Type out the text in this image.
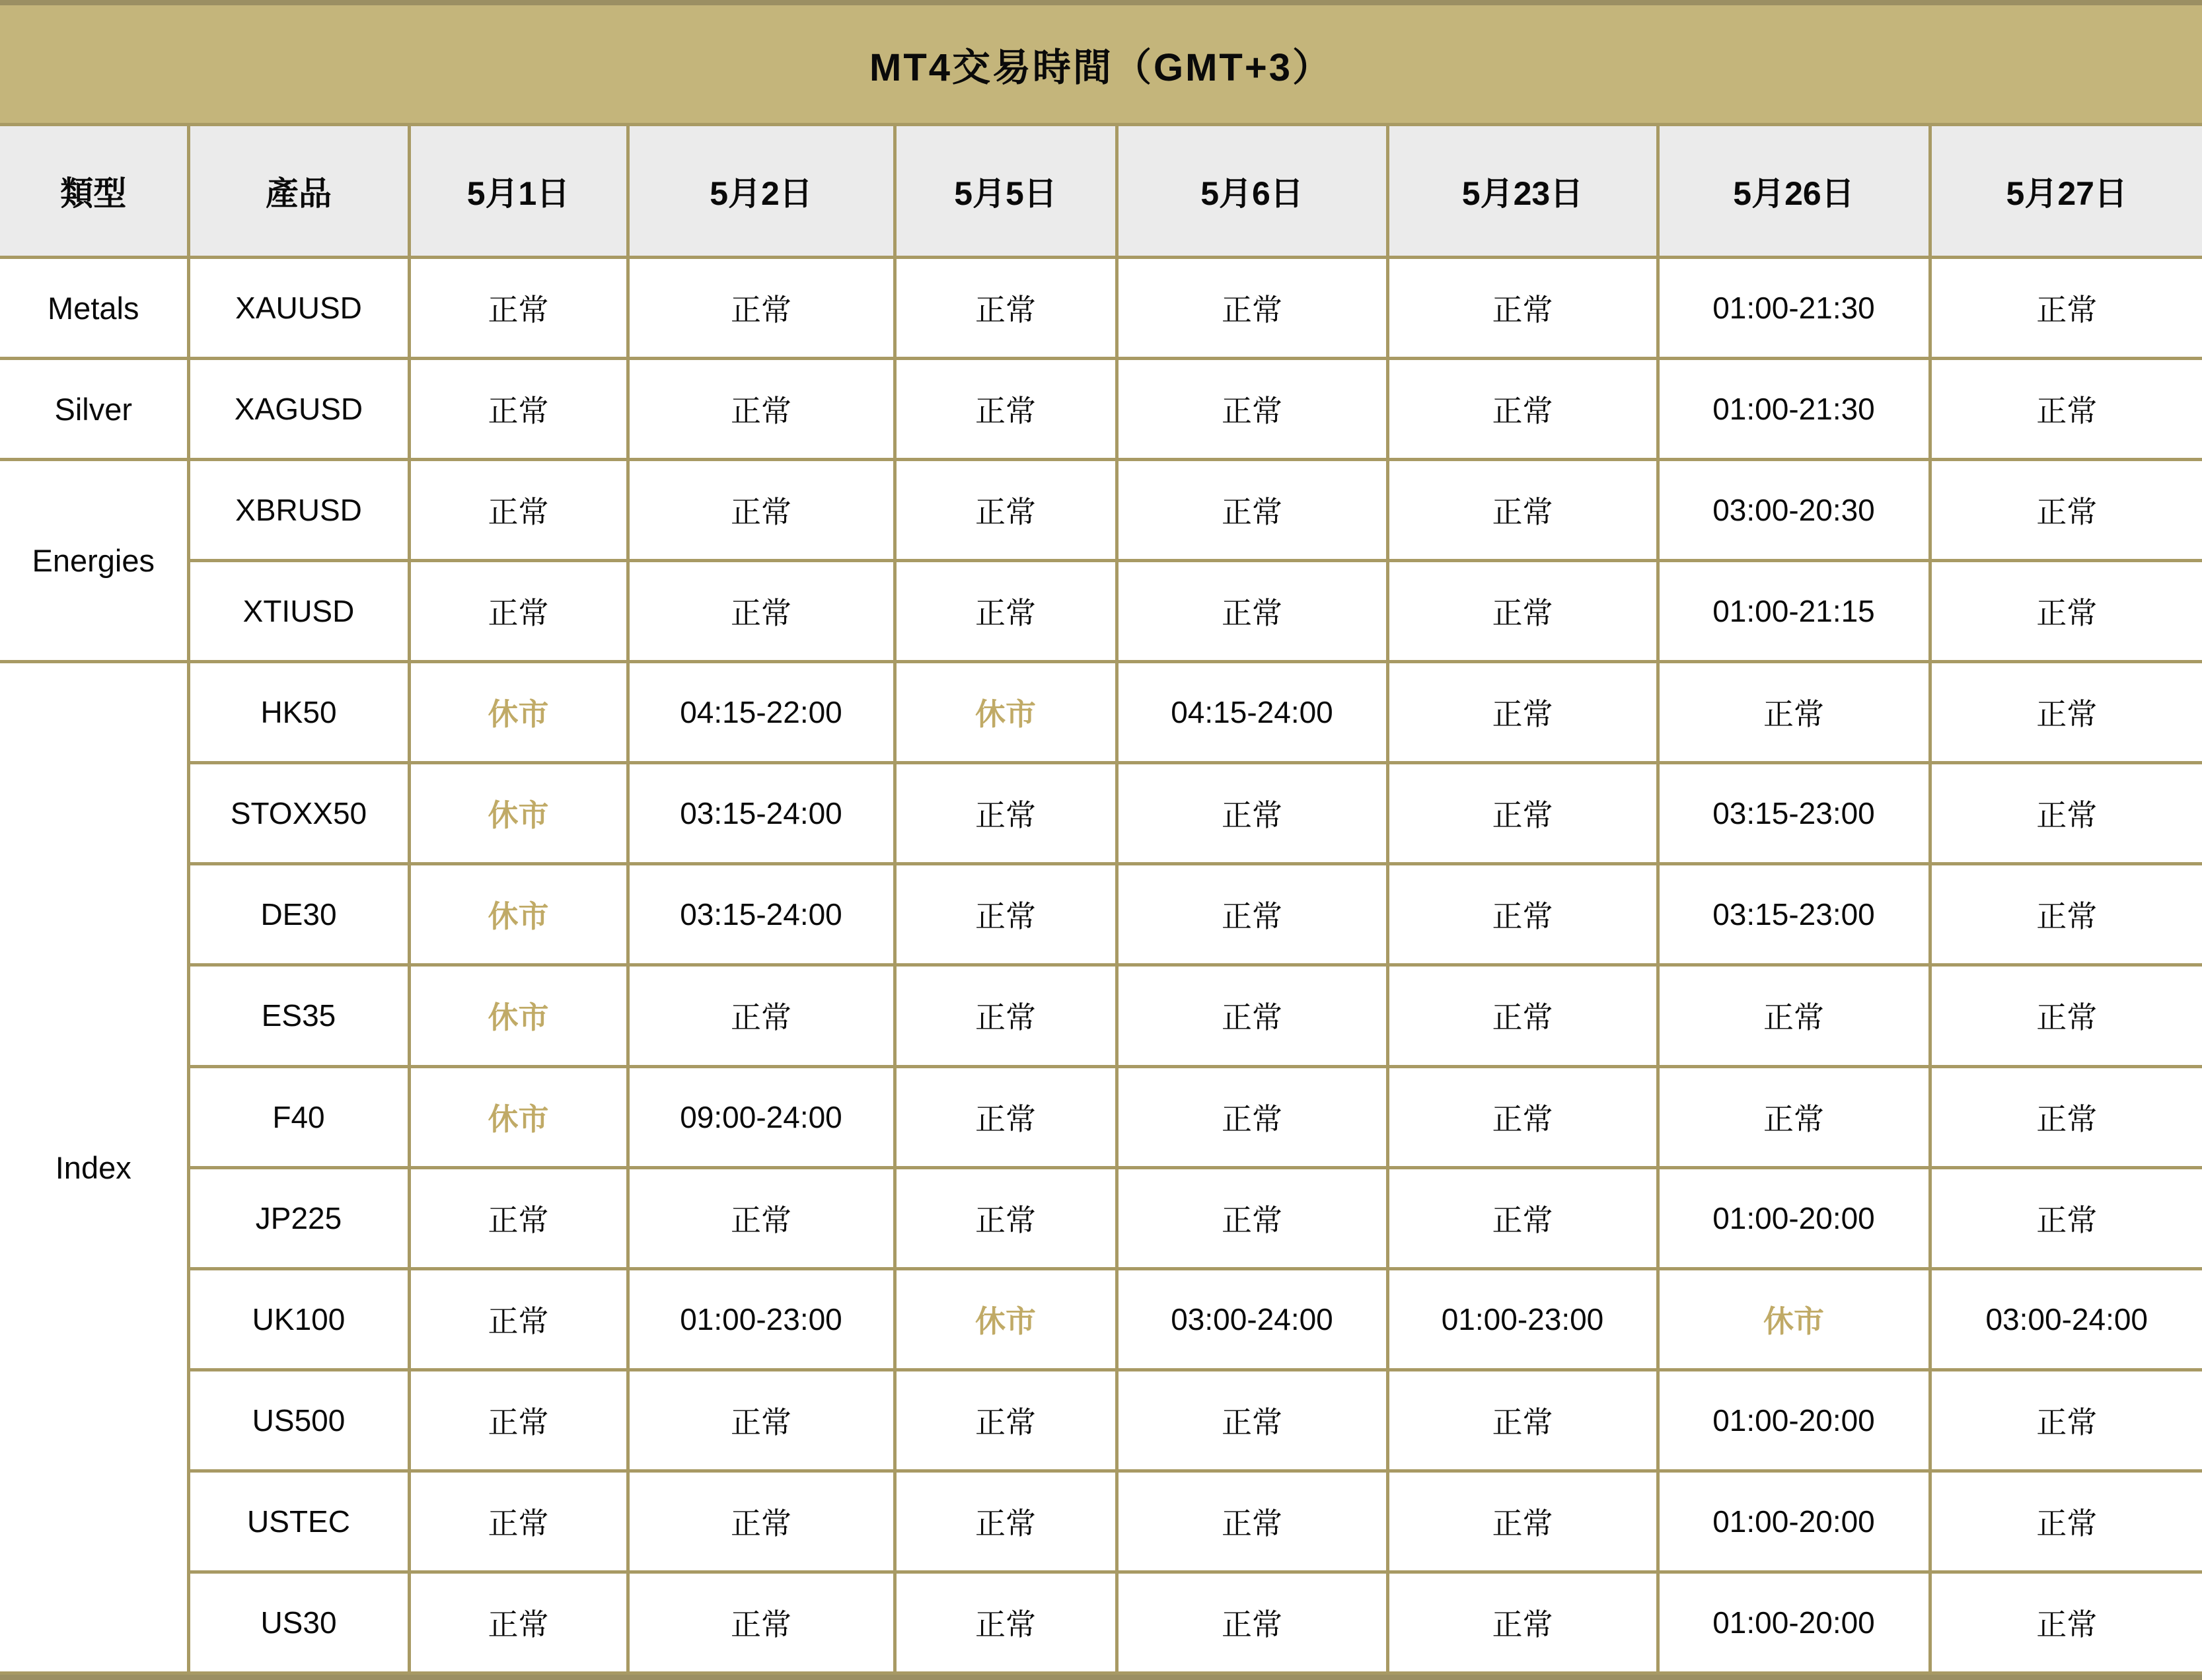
MT4交易時間（GMT+3）
類型	產品	5月1日	5月2日	5月5日	5月6日	5月23日	5月26日	5月27日
Metals	XAUUSD	正常	正常	正常	正常	正常	01:00-21:30	正常
Silver	XAGUSD	正常	正常	正常	正常	正常	01:00-21:30	正常
Energies	XBRUSD	正常	正常	正常	正常	正常	03:00-20:30	正常
	XTIUSD	正常	正常	正常	正常	正常	01:00-21:15	正常
Index	HK50	休市	04:15-22:00	休市	04:15-24:00	正常	正常	正常
	STOXX50	休市	03:15-24:00	正常	正常	正常	03:15-23:00	正常
	DE30	休市	03:15-24:00	正常	正常	正常	03:15-23:00	正常
	ES35	休市	正常	正常	正常	正常	正常	正常
	F40	休市	09:00-24:00	正常	正常	正常	正常	正常
	JP225	正常	正常	正常	正常	正常	01:00-20:00	正常
	UK100	正常	01:00-23:00	休市	03:00-24:00	01:00-23:00	休市	03:00-24:00
	US500	正常	正常	正常	正常	正常	01:00-20:00	正常
	USTEC	正常	正常	正常	正常	正常	01:00-20:00	正常
	US30	正常	正常	正常	正常	正常	01:00-20:00	正常
